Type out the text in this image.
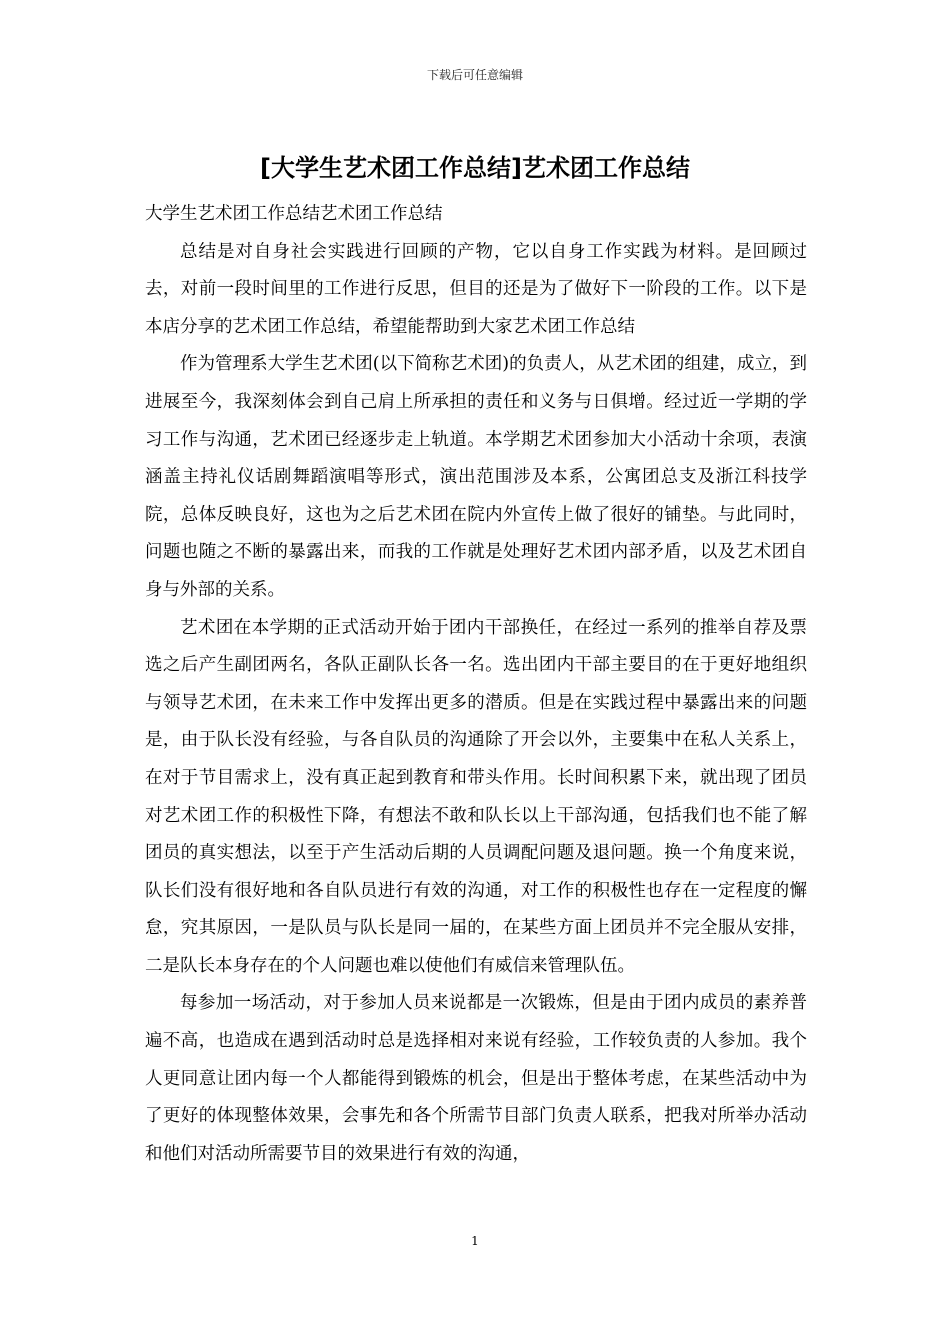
下载后可任意编辑
[大学生艺术团工作总结]艺术团工作总结

大学生艺术团工作总结艺术团工作总结

总结是对自身社会实践进行回顾的产物，它以自身工作实践为材料。是回顾过去，对前一段时间里的工作进行反思，但目的还是为了做好下一阶段的工作。以下是本店分享的艺术团工作总结，希望能帮助到大家艺术团工作总结

作为管理系大学生艺术团(以下简称艺术团)的负责人，从艺术团的组建，成立，到进展至今，我深刻体会到自己肩上所承担的责任和义务与日俱增。经过近一学期的学习工作与沟通，艺术团已经逐步走上轨道。本学期艺术团参加大小活动十余项，表演涵盖主持礼仪话剧舞蹈演唱等形式，演出范围涉及本系，公寓团总支及浙江科技学院，总体反映良好，这也为之后艺术团在院内外宣传上做了很好的铺垫。与此同时，问题也随之不断的暴露出来，而我的工作就是处理好艺术团内部矛盾，以及艺术团自身与外部的关系。

艺术团在本学期的正式活动开始于团内干部换任，在经过一系列的推举自荐及票选之后产生副团两名，各队正副队长各一名。选出团内干部主要目的在于更好地组织与领导艺术团，在未来工作中发挥出更多的潜质。但是在实践过程中暴露出来的问题是，由于队长没有经验，与各自队员的沟通除了开会以外，主要集中在私人关系上，在对于节目需求上，没有真正起到教育和带头作用。长时间积累下来，就出现了团员对艺术团工作的积极性下降，有想法不敢和队长以上干部沟通，包括我们也不能了解团员的真实想法，以至于产生活动后期的人员调配问题及退问题。换一个角度来说，队长们没有很好地和各自队员进行有效的沟通，对工作的积极性也存在一定程度的懈怠，究其原因，一是队员与队长是同一届的，在某些方面上团员并不完全服从安排，二是队长本身存在的个人问题也难以使他们有威信来管理队伍。

每参加一场活动，对于参加人员来说都是一次锻炼，但是由于团内成员的素养普遍不高，也造成在遇到活动时总是选择相对来说有经验，工作较负责的人参加。我个人更同意让团内每一个人都能得到锻炼的机会，但是出于整体考虑，在某些活动中为了更好的体现整体效果，会事先和各个所需节目部门负责人联系，把我对所举办活动和他们对活动所需要节目的效果进行有效的沟通，

1
